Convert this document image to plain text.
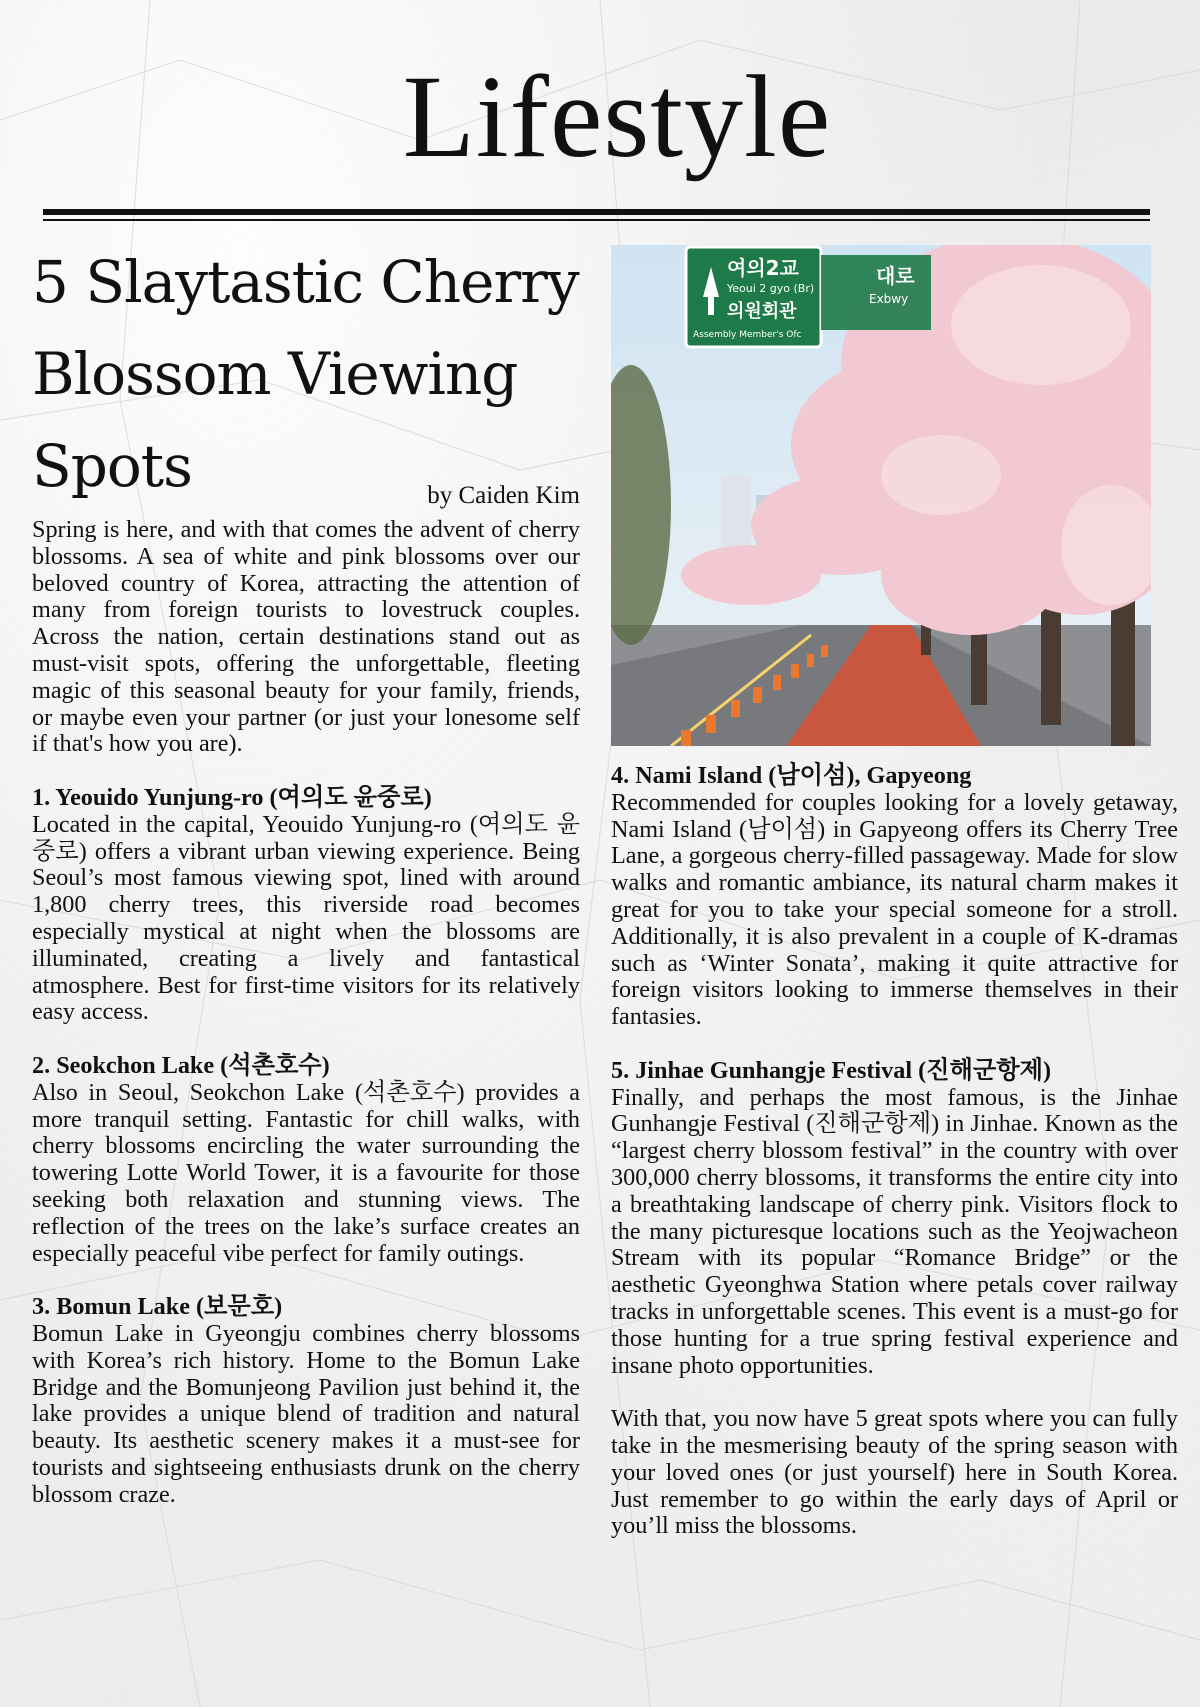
Lifestyle
5 Slaytastic Cherry Blossom Viewing Spots	by Caiden Kim

Spring is here, and with that comes the advent of cherry blossoms. A sea of white and pink blossoms over our beloved country of Korea, attracting the attention of many from foreign tourists to lovestruck couples. Across the nation, certain destinations stand out as must-visit spots, offering the unforgettable, fleeting magic of this seasonal beauty for your family, friends, or maybe even your partner (or just your lonesome self if that's how you are).

1. Yeouido Yunjung-ro (여의도 윤중로)

Located in the capital, Yeouido Yunjung-ro (여의도 윤중로) offers a vibrant urban viewing experience. Being Seoul’s most famous viewing spot, lined with around 1,800 cherry trees, this riverside road becomes especially mystical at night when the blossoms are illuminated, creating a lively and fantastical atmosphere. Best for first-time visitors for its relatively easy access.

2. Seokchon Lake (석촌호수)

Also in Seoul, Seokchon Lake (석촌호수) provides a more tranquil setting. Fantastic for chill walks, with cherry blossoms encircling the water surrounding the towering Lotte World Tower, it is a favourite for those seeking both relaxation and stunning views. The reflection of the trees on the lake’s surface creates an especially peaceful vibe perfect for family outings.

3. Bomun Lake (보문호)

Bomun Lake in Gyeongju combines cherry blossoms with Korea’s rich history. Home to the Bomun Lake Bridge and the Bomunjeong Pavilion just behind it, the lake provides a unique blend of tradition and natural beauty. Its aesthetic scenery makes it a must-see for tourists and sightseeing enthusiasts drunk on the cherry blossom craze.

여의2교
Yeoui 2 gyo (Br)
의원회관
Assembly Member's Ofc
대로
Exbwy
4. Nami Island (남이섬), Gapyeong

Recommended for couples looking for a lovely getaway, Nami Island (남이섬) in Gapyeong offers its Cherry Tree Lane, a gorgeous cherry-filled passageway. Made for slow walks and romantic ambiance, its natural charm makes it great for you to take your special someone for a stroll. Additionally, it is also prevalent in a couple of K-dramas such as ‘Winter Sonata’, making it quite attractive for foreign visitors looking to immerse themselves in their fantasies.

5. Jinhae Gunhangje Festival (진해군항제)

Finally, and perhaps the most famous, is the Jinhae Gunhangje Festival (진해군항제) in Jinhae. Known as the “largest cherry blossom festival” in the country with over 300,000 cherry blossoms, it transforms the entire city into a breathtaking landscape of cherry pink. Visitors flock to the many picturesque locations such as the Yeojwacheon Stream with its popular “Romance Bridge” or the aesthetic Gyeonghwa Station where petals cover railway tracks in unforgettable scenes. This event is a must-go for those hunting for a true spring festival experience and insane photo opportunities.

With that, you now have 5 great spots where you can fully take in the mesmerising beauty of the spring season with your loved ones (or just yourself) here in South Korea. Just remember to go within the early days of April or you’ll miss the blossoms.
